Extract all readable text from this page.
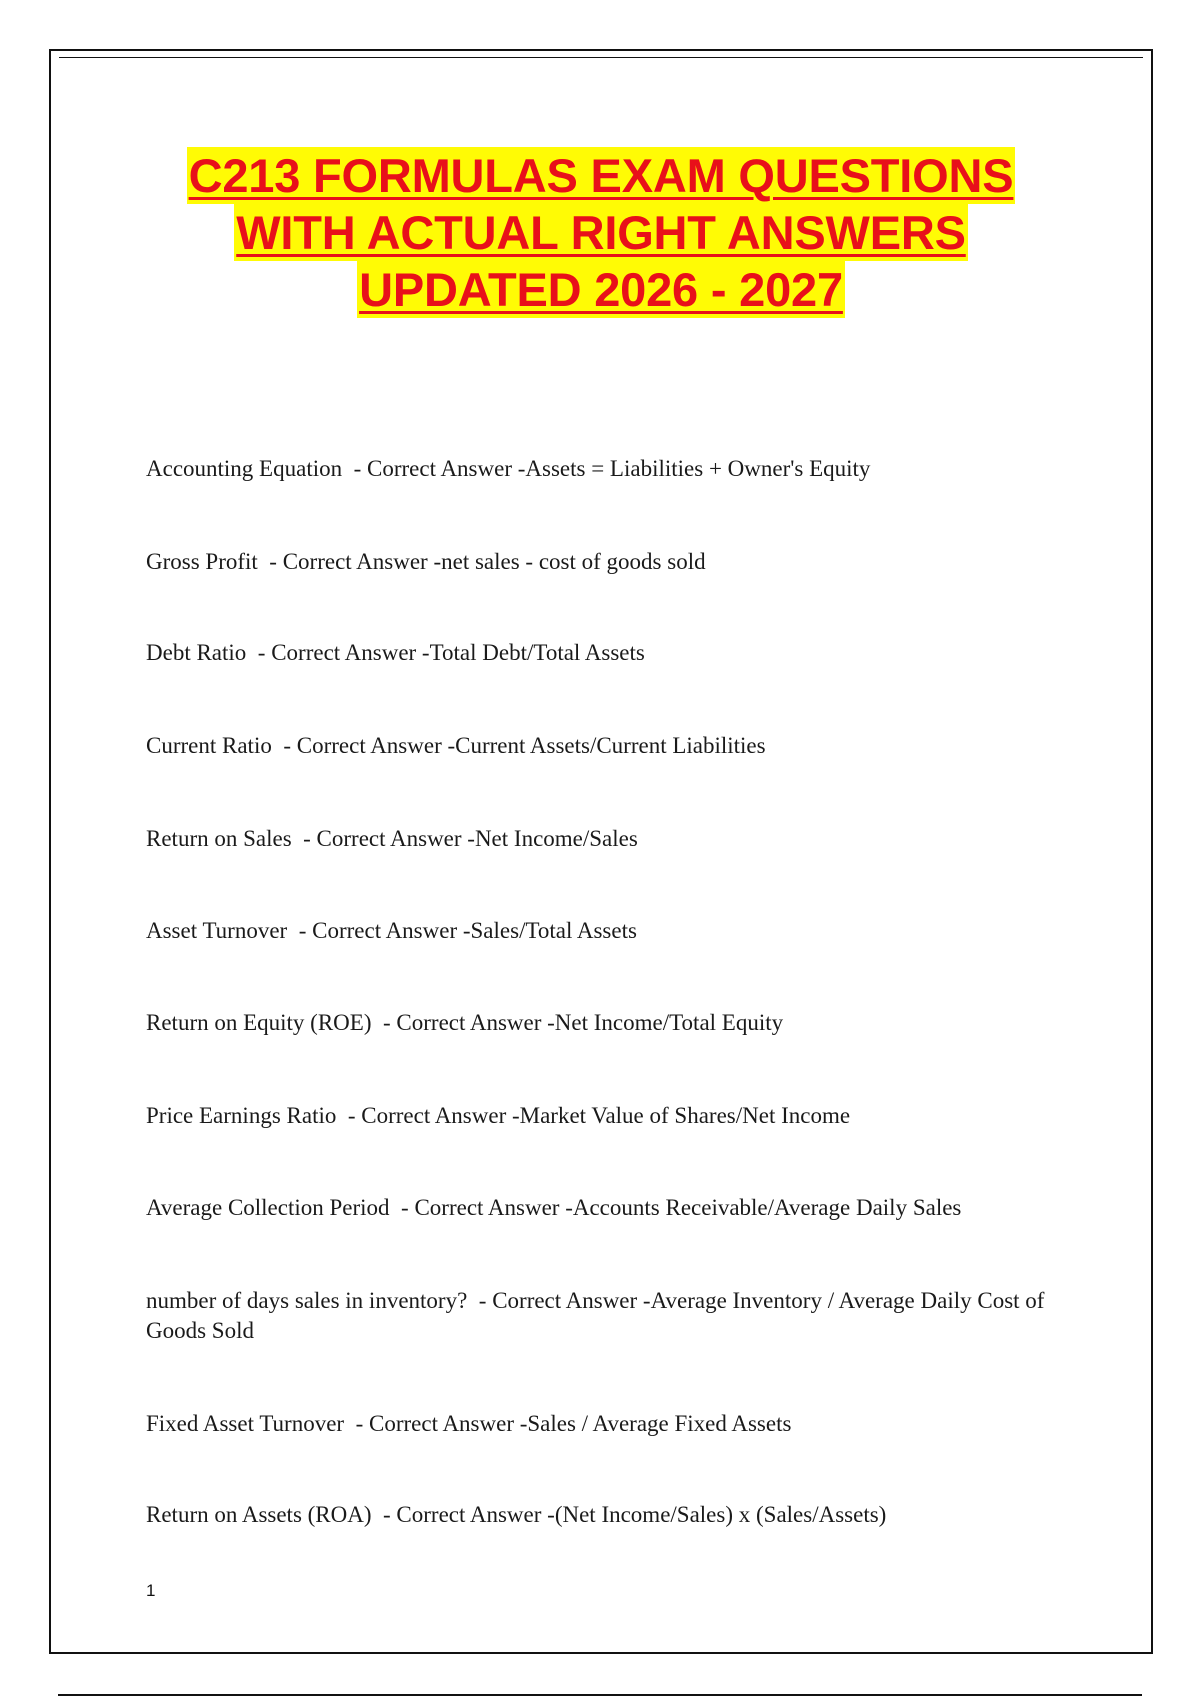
C213 FORMULAS EXAM QUESTIONS
WITH ACTUAL RIGHT ANSWERS
UPDATED 2026 - 2027
Accounting Equation  - Correct Answer -Assets = Liabilities + Owner's Equity
Gross Profit  - Correct Answer -net sales - cost of goods sold
Debt Ratio  - Correct Answer -Total Debt/Total Assets
Current Ratio  - Correct Answer -Current Assets/Current Liabilities
Return on Sales  - Correct Answer -Net Income/Sales
Asset Turnover  - Correct Answer -Sales/Total Assets
Return on Equity (ROE)  - Correct Answer -Net Income/Total Equity
Price Earnings Ratio  - Correct Answer -Market Value of Shares/Net Income
Average Collection Period  - Correct Answer -Accounts Receivable/Average Daily Sales
number of days sales in inventory?  - Correct Answer -Average Inventory / Average Daily Cost of Goods Sold
Fixed Asset Turnover  - Correct Answer -Sales / Average Fixed Assets
Return on Assets (ROA)  - Correct Answer -(Net Income/Sales) x (Sales/Assets)
1
